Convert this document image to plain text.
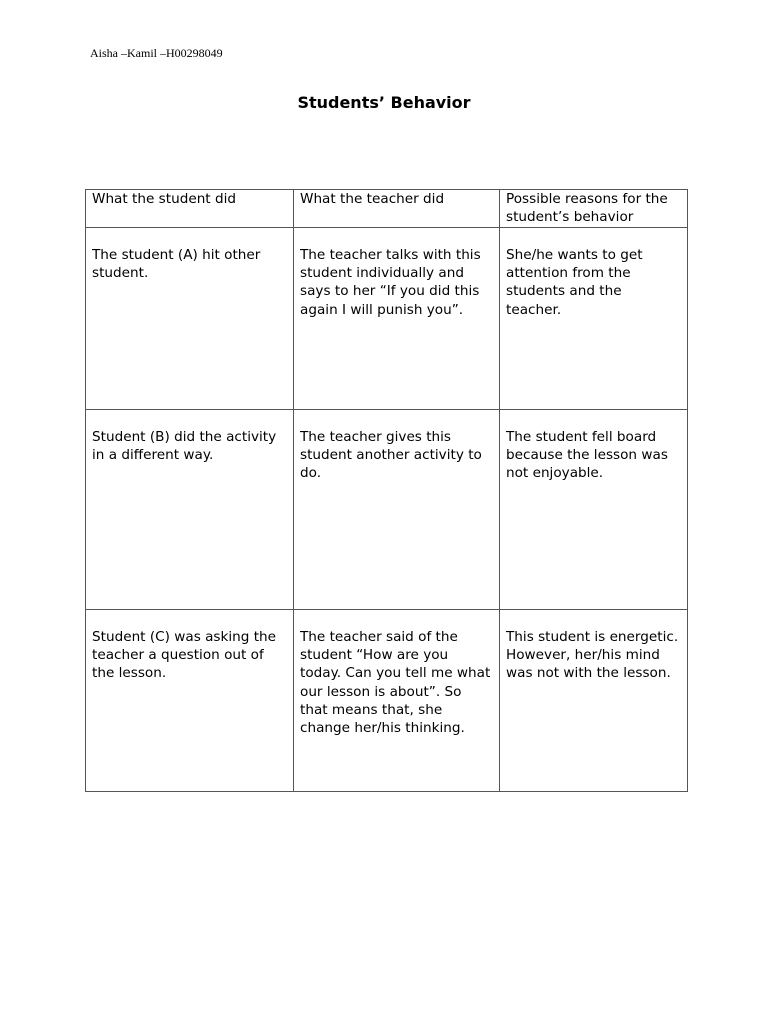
Aisha –Kamil –H00298049
Students’ Behavior
What the student did	What the teacher did	Possible reasons for the student’s behavior

The student (A) hit other student.	The teacher talks with this student individually and says to her “If you did this again I will punish you”.	She/he wants to get attention from the students and the teacher.

Student (B) did the activity in a different way.	The teacher gives this student another activity to do.	The student fell board because the lesson was not enjoyable.

Student (C) was asking the teacher a question out of the lesson.	The teacher said of the student “How are you today. Can you tell me what our lesson is about”. So that means that, she change her/his thinking.	This student is energetic. However, her/his mind was not with the lesson.
